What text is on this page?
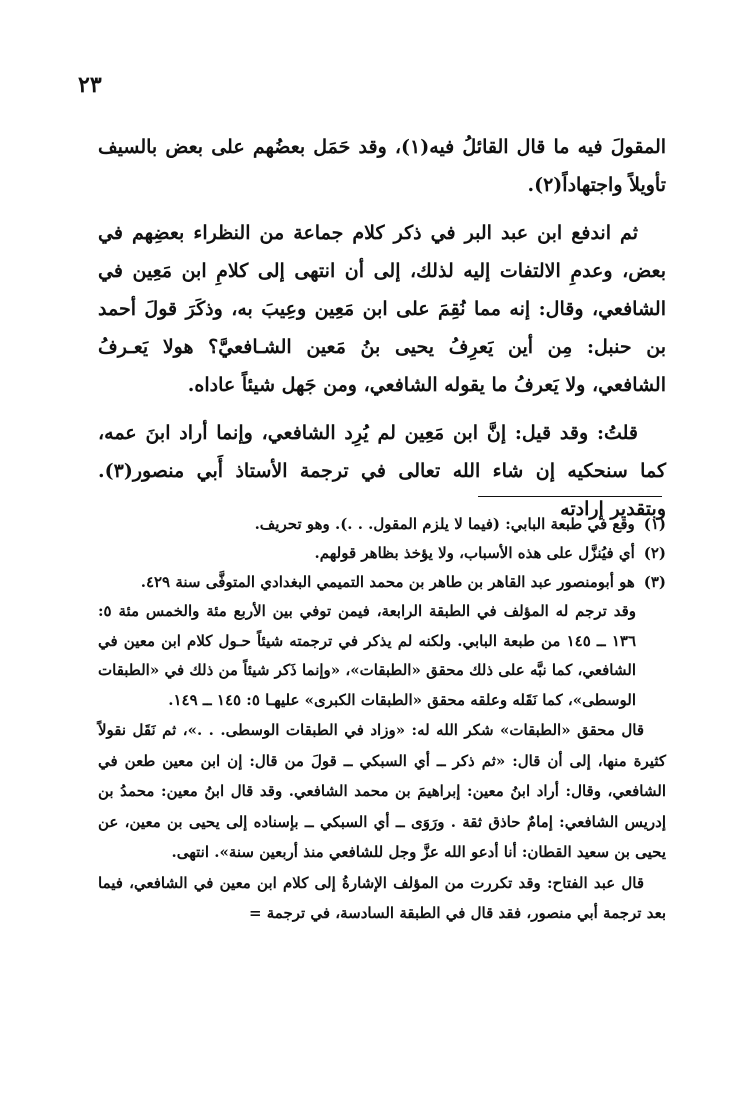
٢٣

المقولَ فيه ما قال القائلُ فيه(١)، وقد حَمَل بعضُهم على بعض بالسيف تأويلاً واجتهاداً(٢).

ثم اندفع ابن عبد البر في ذكر كلام جماعة من النظراء بعضِهم في بعض، وعدمِ الالتفات إليه لذلك، إلى أن انتهى إلى كلامِ ابن مَعِين في الشافعي، وقال: إنه مما نُقِمَ على ابن مَعِين وعِيبَ به، وذكَرَ قولَ أحمد بن حنبل: مِن أين يَعرِفُ يحيى بنُ مَعين الشـافعيَّ؟ هولا يَعـرفُ الشافعي، ولا يَعرفُ ما يقوله الشافعي، ومن جَهل شيئاً عاداه.

قلتُ: وقد قيل: إنَّ ابن مَعِين لم يُرِد الشافعي، وإنما أراد ابنَ عمه، كما سنحكيه إن شاء الله تعالى في ترجمة الأستاذ أَبي منصور(٣). وبتقدير إرادته

(١) وقع في طبعة البابي: (فيما لا يلزم المقول. . .). وهو تحريف.

(٢) أي فيُنزَّل على هذه الأسباب، ولا يؤخذ بظاهر قولهم.

(٣) هو أبومنصور عبد القاهر بن طاهر بن محمد التميمي البغدادي المتوفَّى سنة ٤٢٩.

وقد ترجم له المؤلف في الطبقة الرابعة، فيمن توفي بين الأربع مئة والخمس مئة ٥: ١٣٦ ــ ١٤٥ من طبعة البابي. ولكنه لم يذكر في ترجمته شيئاً حـول كلام ابن معين في الشافعي، كما نبَّه على ذلك محقق «الطبقات»، «وإنما ذَكر شيئاً من ذلك في «الطبقات الوسطى»، كما نَقَله وعلقه محقق «الطبقات الكبرى» عليهـا ٥: ١٤٥ ــ ١٤٩.

قال محقق «الطبقات» شكر الله له: «وزاد في الطبقات الوسطى. . .»، ثم نَقَل نقولاً كثيرة منها، إلى أن قال: «ثم ذكر ــ أي السبكي ــ قولَ من قال: إن ابن معين طعن في الشافعي، وقال: أراد ابنُ معين: إبراهيمَ بن محمد الشافعي. وقد قال ابنُ معين: محمدُ بن إدريس الشافعي: إمامٌ حاذق ثقة . ورَوَى ــ أي السبكي ــ بإسناده إلى يحيى بن معين، عن يحيى بن سعيد القطان: أنا أدعو الله عزَّ وجل للشافعي منذ أربعين سنة». انتهى.

قال عبد الفتاح: وقد تكررت من المؤلف الإشارةُ إلى كلام ابن معين في الشافعي، فيما بعد ترجمة أبي منصور، فقد قال في الطبقة السادسة، في ترجمة =
